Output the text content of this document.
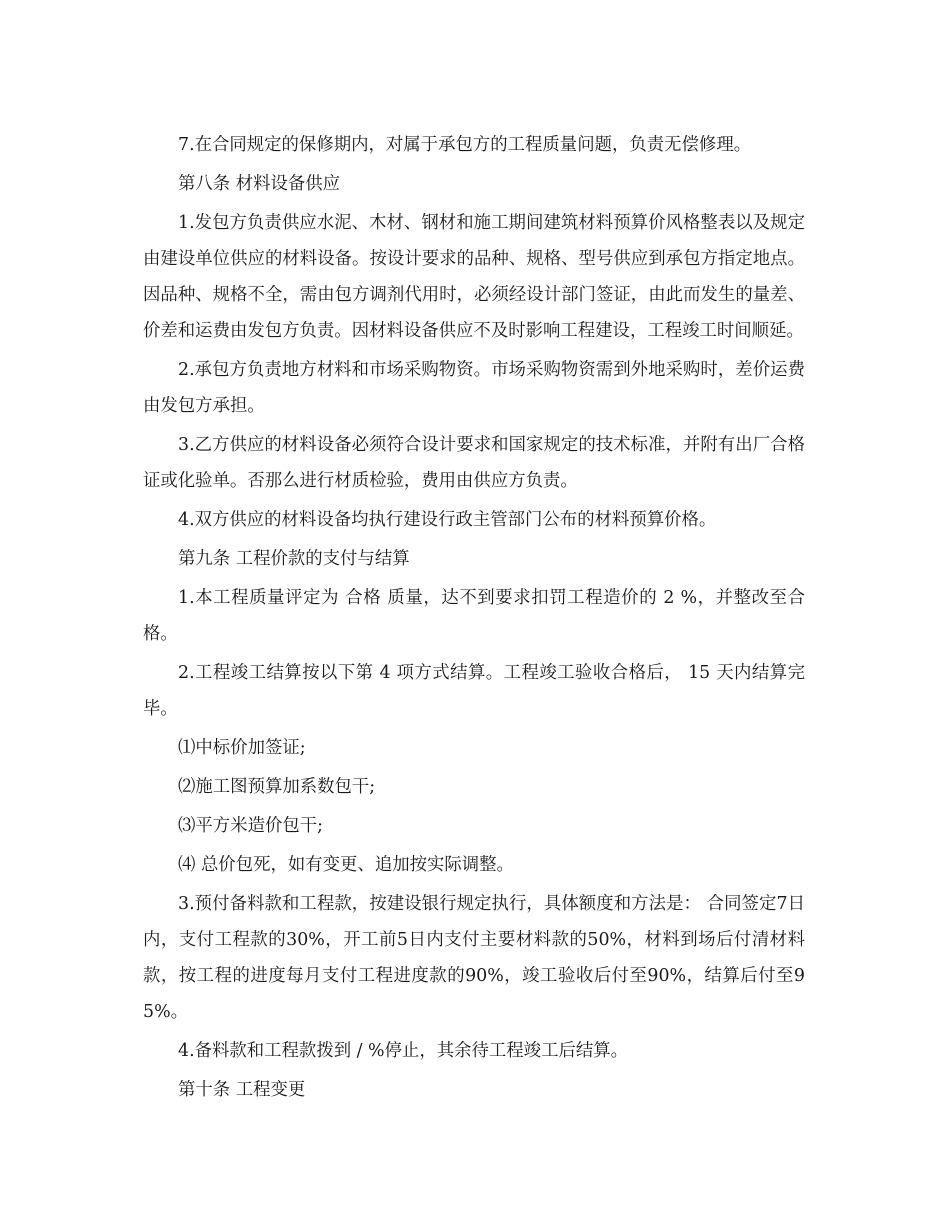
7.在合同规定的保修期内，对属于承包方的工程质量问题，负责无偿修理。

第八条 材料设备供应

1.发包方负责供应水泥、木材、钢材和施工期间建筑材料预算价风格整表以及规定由建设单位供应的材料设备。按设计要求的品种、规格、型号供应到承包方指定地点。因品种、规格不全，需由包方调剂代用时，必须经设计部门签证，由此而发生的量差、价差和运费由发包方负责。因材料设备供应不及时影响工程建设，工程竣工时间顺延。

2.承包方负责地方材料和市场采购物资。市场采购物资需到外地采购时，差价运费由发包方承担。

3.乙方供应的材料设备必须符合设计要求和国家规定的技术标准，并附有出厂合格证或化验单。否那么进行材质检验，费用由供应方负责。

4.双方供应的材料设备均执行建设行政主管部门公布的材料预算价格。

第九条 工程价款的支付与结算

1.本工程质量评定为 合格 质量，达不到要求扣罚工程造价的 2 %，并整改至合格。

2.工程竣工结算按以下第 4 项方式结算。工程竣工验收合格后， 15 天内结算完毕。

⑴中标价加签证;

⑵施工图预算加系数包干;

⑶平方米造价包干;

⑷ 总价包死，如有变更、追加按实际调整。

3.预付备料款和工程款，按建设银行规定执行，具体额度和方法是： 合同签定7日内，支付工程款的30%，开工前5日内支付主要材料款的50%，材料到场后付清材料款，按工程的进度每月支付工程进度款的90%，竣工验收后付至90%，结算后付至95%。

4.备料款和工程款拨到 / %停止，其余待工程竣工后结算。

第十条 工程变更
